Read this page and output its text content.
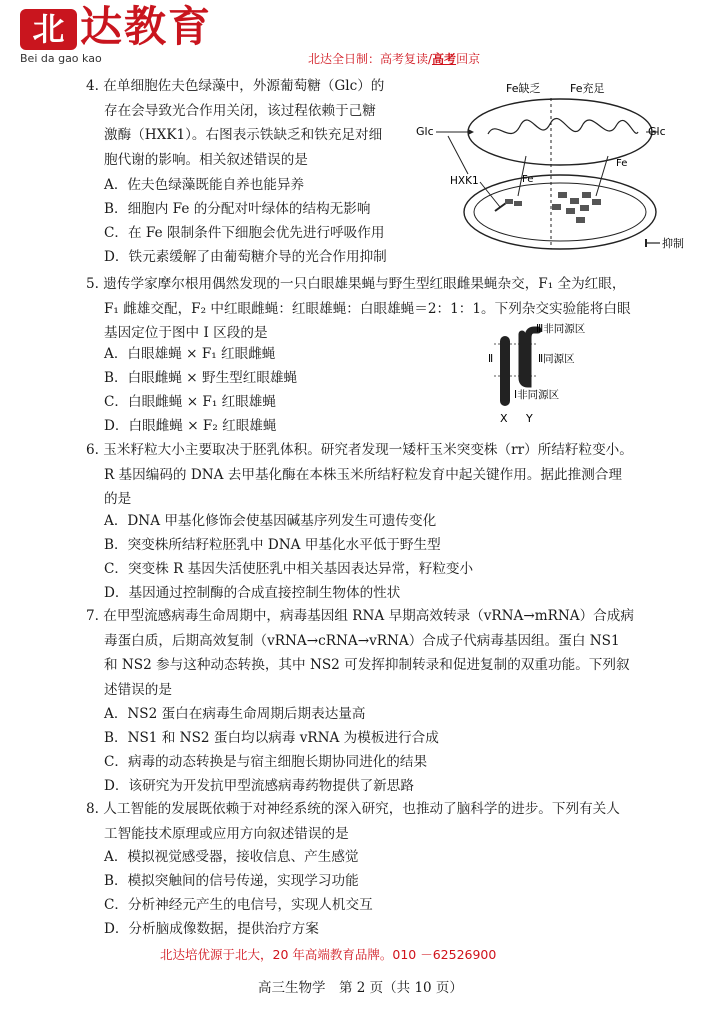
北 达教育
Bei da gao kao	北达全日制：高考复读/高考回京
4. 在单细胞佐夫色绿藻中，外源葡萄糖（Glc）的
存在会导致光合作用关闭，该过程依赖于己糖
激酶（HXK1）。右图表示铁缺乏和铁充足对细
胞代谢的影响。相关叙述错误的是
A．佐夫色绿藻既能自养也能异养
B．细胞内 Fe 的分配对叶绿体的结构无影响
C．在 Fe 限制条件下细胞会优先进行呼吸作用
D．铁元素缓解了由葡萄糖介导的光合作用抑制
Fe缺乏	Fe充足
Glc	Glc
HXK1	Fe
Fe
抑制
5. 遗传学家摩尔根用偶然发现的一只白眼雄果蝇与野生型红眼雌果蝇杂交，F₁ 全为红眼，
F₁ 雌雄交配，F₂ 中红眼雌蝇：红眼雄蝇：白眼雄蝇＝2：1：1。下列杂交实验能将白眼
基因定位于图中 I 区段的是
A．白眼雄蝇 × F₁ 红眼雌蝇
B．白眼雌蝇 × 野生型红眼雄蝇
C．白眼雌蝇 × F₁ 红眼雄蝇
D．白眼雌蝇 × F₂ 红眼雄蝇
Ⅲ非同源区
Ⅱ	Ⅱ同源区
Ⅰ非同源区
X Y
6. 玉米籽粒大小主要取决于胚乳体积。研究者发现一矮杆玉米突变株（rr）所结籽粒变小。
R 基因编码的 DNA 去甲基化酶在本株玉米所结籽粒发育中起关键作用。据此推测合理
的是
A．DNA 甲基化修饰会使基因碱基序列发生可遗传变化
B．突变株所结籽粒胚乳中 DNA 甲基化水平低于野生型
C．突变株 R 基因失活使胚乳中相关基因表达异常，籽粒变小
D．基因通过控制酶的合成直接控制生物体的性状
7. 在甲型流感病毒生命周期中，病毒基因组 RNA 早期高效转录（vRNA→mRNA）合成病
毒蛋白质，后期高效复制（vRNA→cRNA→vRNA）合成子代病毒基因组。蛋白 NS1
和 NS2 参与这种动态转换，其中 NS2 可发挥抑制转录和促进复制的双重功能。下列叙
述错误的是
A．NS2 蛋白在病毒生命周期后期表达量高
B．NS1 和 NS2 蛋白均以病毒 vRNA 为模板进行合成
C．病毒的动态转换是与宿主细胞长期协同进化的结果
D．该研究为开发抗甲型流感病毒药物提供了新思路
8. 人工智能的发展既依赖于对神经系统的深入研究，也推动了脑科学的进步。下列有关人
工智能技术原理或应用方向叙述错误的是
A．模拟视觉感受器，接收信息、产生感觉
B．模拟突触间的信号传递，实现学习功能
C．分析神经元产生的电信号，实现人机交互
D．分析脑成像数据，提供治疗方案
北达培优源于北大，20 年高端教育品牌。010 －62526900
高三生物学　第 2 页（共 10 页）
